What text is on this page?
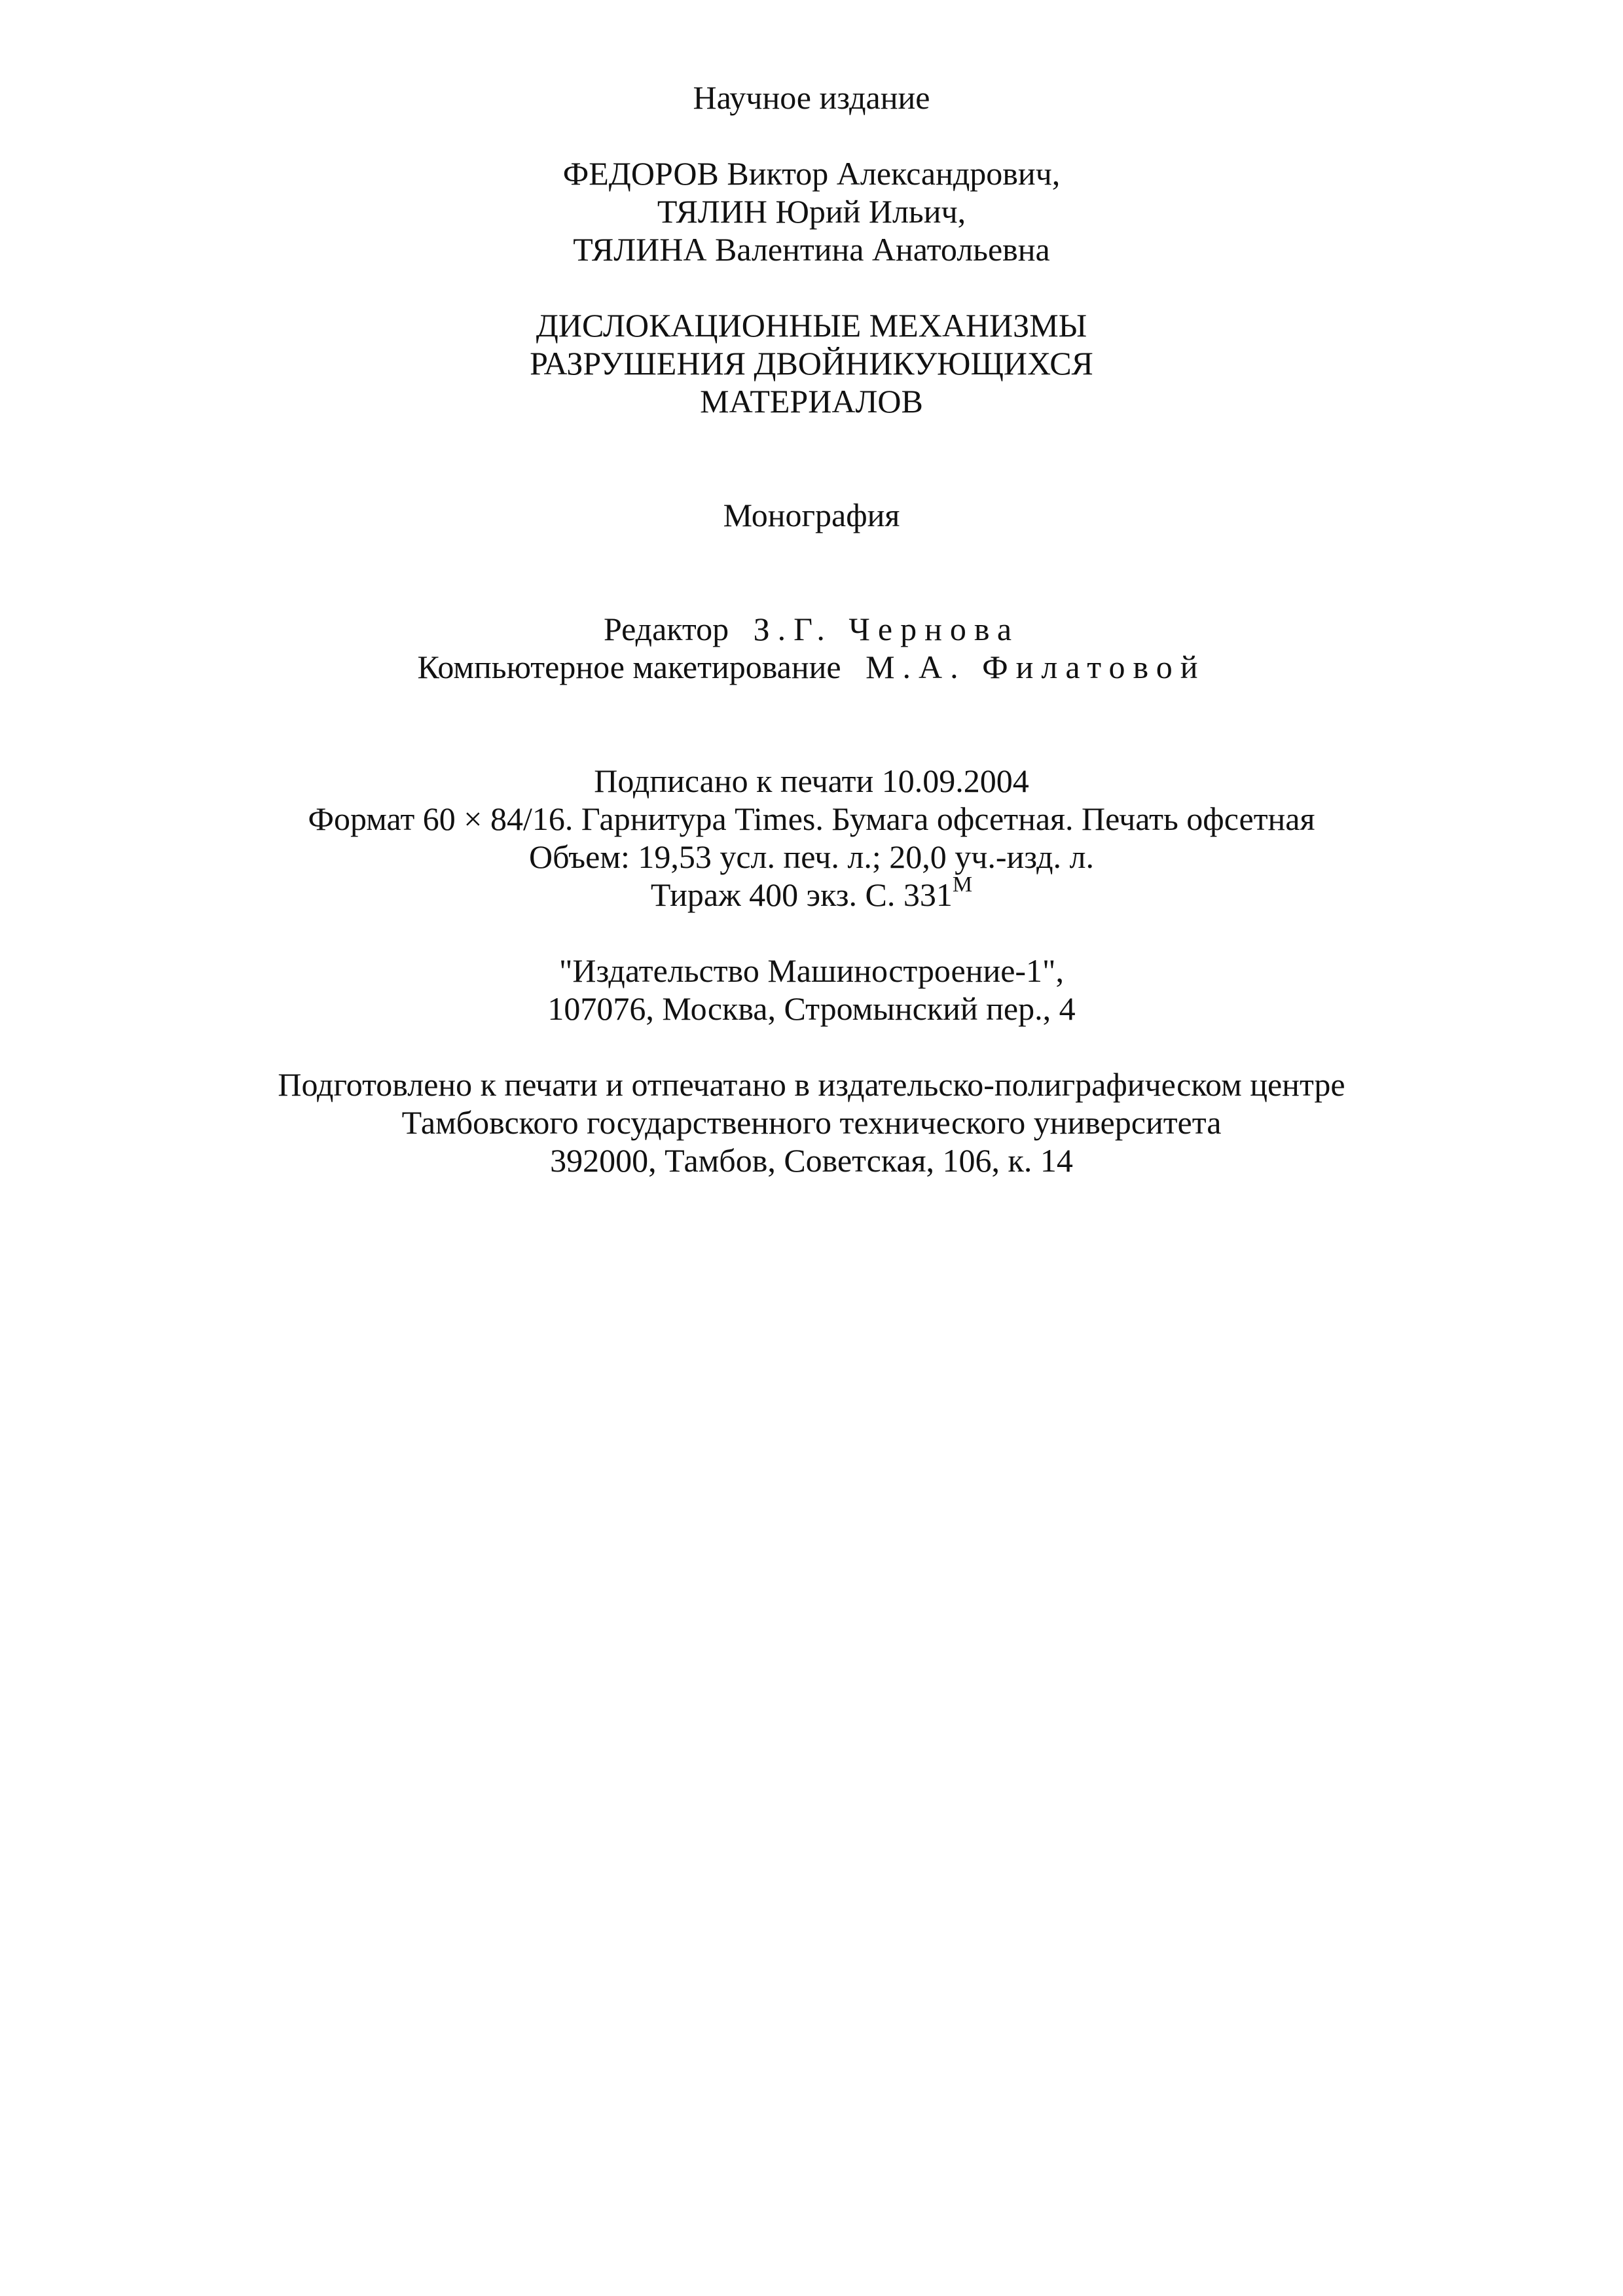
Научное издание
ФЕДОРОВ Виктор Александрович,
ТЯЛИН Юрий Ильич,
ТЯЛИНА Валентина Анатольевна
ДИСЛОКАЦИОННЫЕ МЕХАНИЗМЫ
РАЗРУШЕНИЯ ДВОЙНИКУЮЩИХСЯ
МАТЕРИАЛОВ
Монография
Редактор З.Г. Чернова
Компьютерное макетирование М.А. Филатовой
Подписано к печати 10.09.2004
Формат 60 × 84/16. Гарнитура Times. Бумага офсетная. Печать офсетная
Объем: 19,53 усл. печ. л.; 20,0 уч.-изд. л.
Тираж 400 экз. С. $331^М$
"Издательство Машиностроение-1",
107076, Москва, Стромынский пер., 4
Подготовлено к печати и отпечатано в издательско-полиграфическом центре
Тамбовского государственного технического университета
392000, Тамбов, Советская, 106, к. 14
